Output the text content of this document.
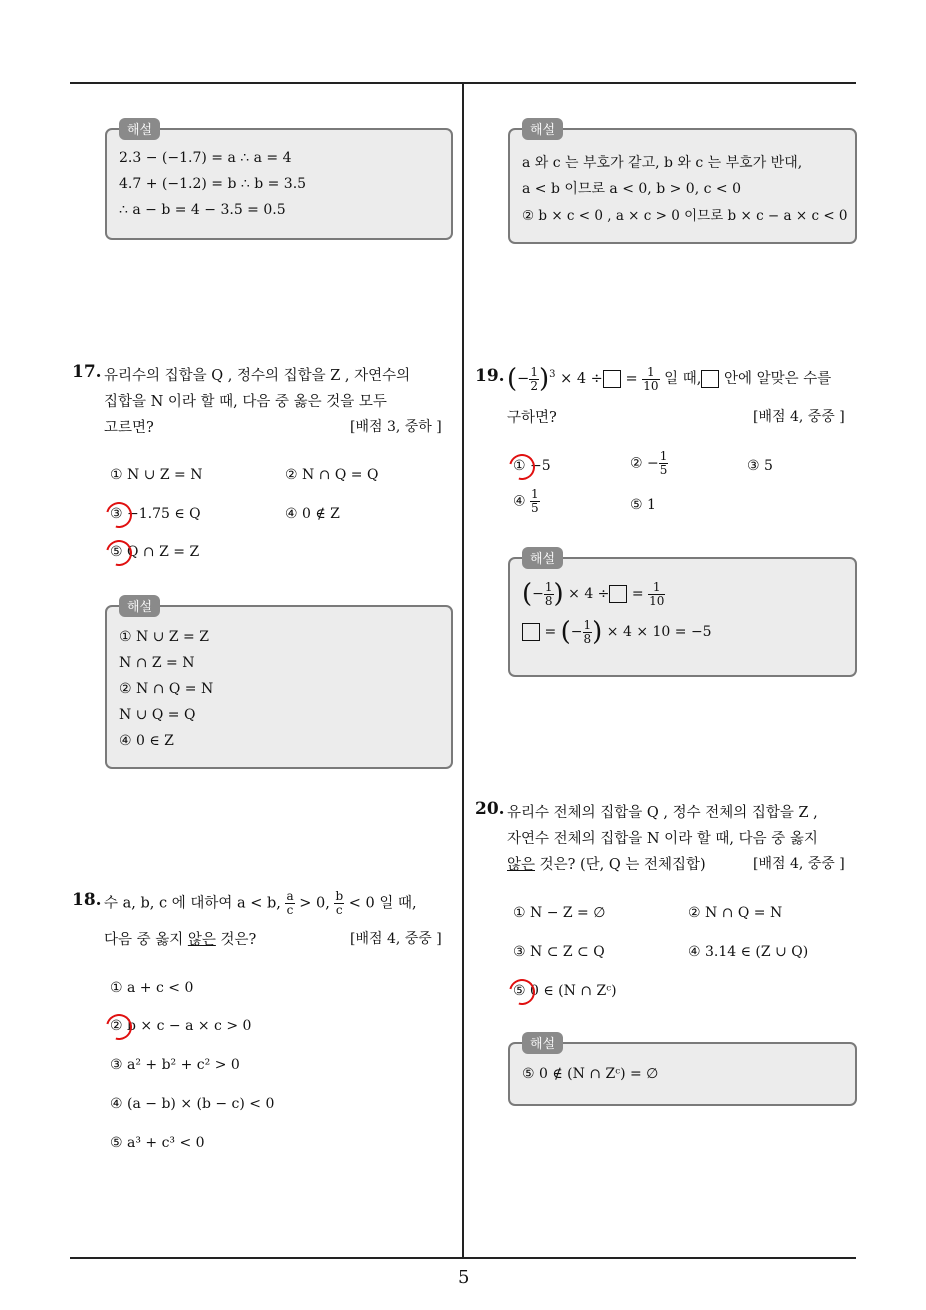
5
해설
2.3 − (−1.7) = a ∴ a = 4
4.7 + (−1.2) = b ∴ b = 3.5
∴ a − b = 4 − 3.5 = 0.5
17. 유리수의 집합을 Q , 정수의 집합을 Z , 자연수의
집합을 N 이라 할 때, 다음 중 옳은 것을 모두
고르면?	[배점 3, 중하 ]
① N ∪ Z = N	② N ∩ Q = Q
③ −1.75 ∈ Q	④ 0 ∉ Z
⑤ Q ∩ Z = Z
해설
① N ∪ Z = Z
N ∩ Z = N
② N ∩ Q = N
N ∪ Q = Q
④ 0 ∈ Z
18. 수 a, b, c 에 대하여 a < b, $\frac{a}{c} > 0$, $\frac{b}{c} < 0$ 일 때,
다음 중 옳지 않은 것은?	[배점 4, 중중 ]
① a + c < 0
② b × c − a × c > 0
③ a² + b² + c² > 0
④ (a − b) × (b − c) < 0
⑤ a³ + c³ < 0
해설
a 와 c 는 부호가 같고, b 와 c 는 부호가 반대,
a < b 이므로 a < 0, b > 0, c < 0
② b × c < 0 , a × c > 0 이므로 b × c − a × c < 0
19. (− $\frac{1}{2} )^3 \times 4$ ÷ = $\frac{1}{10}$ 일 때, 안에 알맞은 수를
구하면?	[배점 4, 중중 ]
① −5	② − $\frac{1}{5}$	③ 5
④ $\frac{1}{5}$	⑤ 1
해설
(− $\frac{1}{8}$ ) × 4 ÷ = $\frac{1}{10}$
= (− $\frac{1}{8}$ ) × 4 × 10 = −5
20. 유리수 전체의 집합을 Q , 정수 전체의 집합을 Z ,
자연수 전체의 집합을 N 이라 할 때, 다음 중 옳지
않은 것은? (단, Q 는 전체집합)	[배점 4, 중중 ]
① N − Z = ∅	② N ∩ Q = N
③ N ⊂ Z ⊂ Q	④ 3.14 ∈ (Z ∪ Q)
⑤ 0 ∈ (N ∩ Zᶜ)
해설
⑤ 0 ∉ (N ∩ Zᶜ) = ∅
